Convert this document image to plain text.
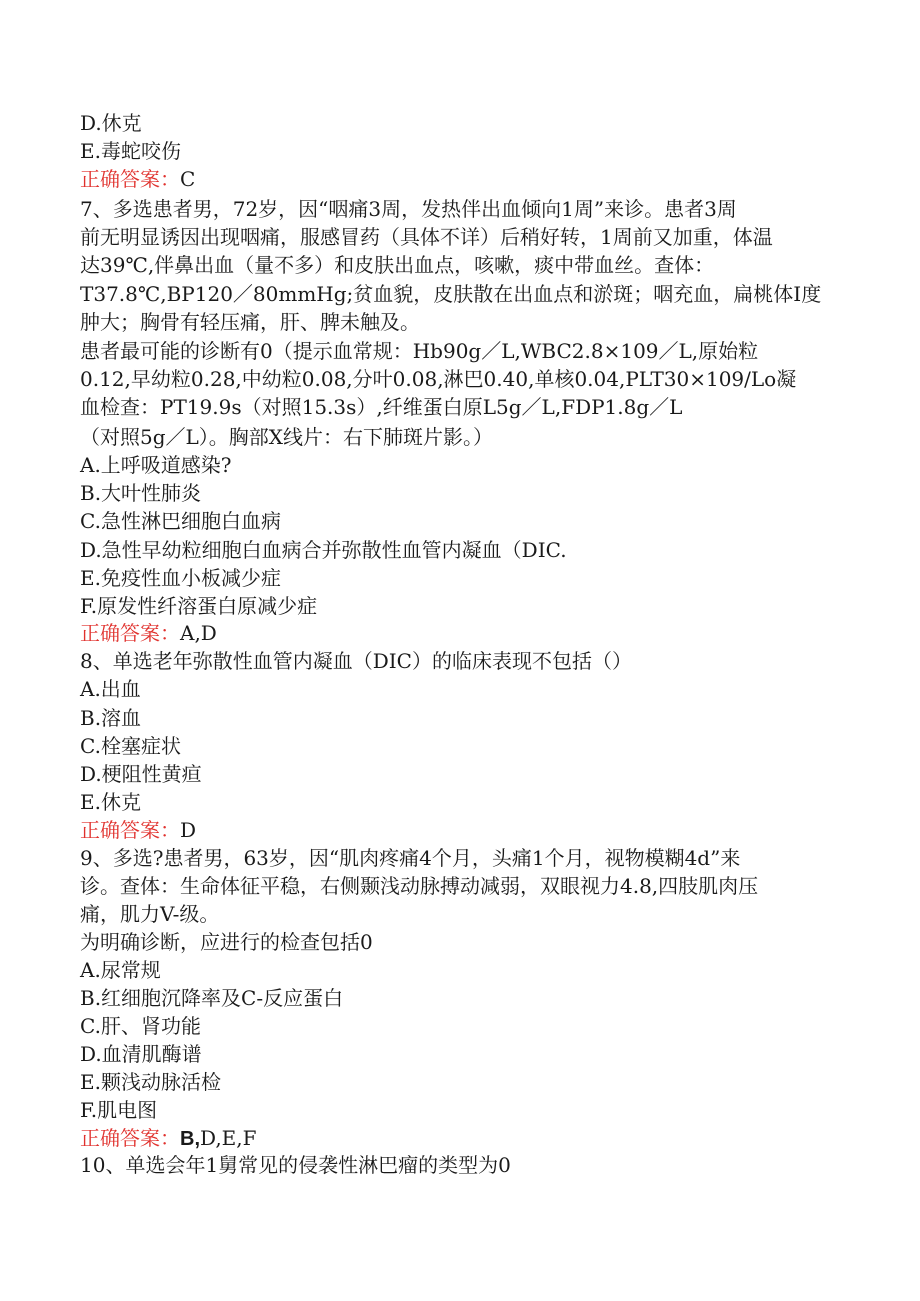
D.休克

E.毒蛇咬伤

正确答案：C

7、多选患者男，72岁，因“咽痛3周，发热伴出血倾向1周”来诊。患者3周

前无明显诱因出现咽痛，服感冒药（具体不详）后稍好转，1周前又加重，体温

达39℃,伴鼻出血（量不多）和皮肤出血点，咳嗽，痰中带血丝。查体：

T37.8℃,BP120／80mmHg;贫血貌，皮肤散在出血点和淤斑；咽充血，扁桃体I度

肿大；胸骨有轻压痛，肝、脾未触及。

患者最可能的诊断有0（提示血常规：Hb90g／L,WBC2.8×109／L,原始粒

0.12,早幼粒0.28,中幼粒0.08,分叶0.08,淋巴0.40,单核0.04,PLT30×109/Lo凝

血检查：PT19.9s（对照15.3s）,纤维蛋白原L5g／L,FDP1.8g／L

（对照5g／L）。胸部X线片：右下肺斑片影。）

A.上呼吸道感染?

B.大叶性肺炎

C.急性淋巴细胞白血病

D.急性早幼粒细胞白血病合并弥散性血管内凝血（DIC.

E.免疫性血小板减少症

F.原发性纤溶蛋白原减少症

正确答案：A,D

8、单选老年弥散性血管内凝血（DIC）的临床表现不包括（）

A.出血

B.溶血

C.栓塞症状

D.梗阻性黄疸

E.休克

正确答案：D

9、多选?患者男，63岁，因“肌肉疼痛4个月，头痛1个月，视物模糊4d”来

诊。查体：生命体征平稳，右侧颞浅动脉搏动减弱，双眼视力4.8,四肢肌肉压

痛，肌力V-级。

为明确诊断，应进行的检查包括0

A.尿常规

B.红细胞沉降率及C-反应蛋白

C.肝、肾功能

D.血清肌酶谱

E.颗浅动脉活检

F.肌电图

正确答案：B,D,E,F

10、单选会年1舅常见的侵袭性淋巴瘤的类型为0
